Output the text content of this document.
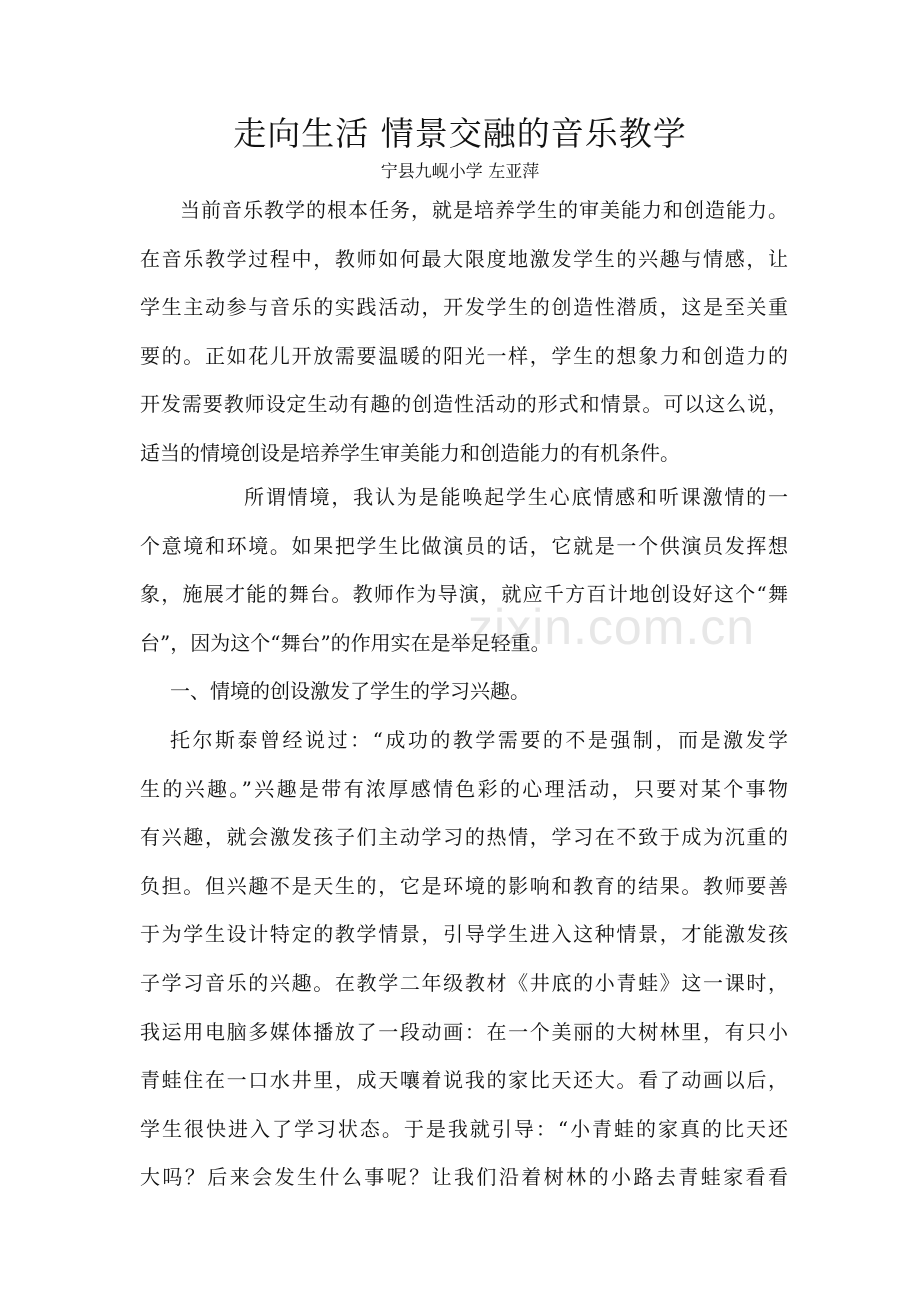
zixin.com.cn
走向生活 情景交融的音乐教学
宁县九岘小学 左亚萍
当前音乐教学的根本任务，就是培养学生的审美能力和创造能力。
在音乐教学过程中，教师如何最大限度地激发学生的兴趣与情感，让
学生主动参与音乐的实践活动，开发学生的创造性潜质，这是至关重
要的。正如花儿开放需要温暖的阳光一样，学生的想象力和创造力的
开发需要教师设定生动有趣的创造性活动的形式和情景。可以这么说，
适当的情境创设是培养学生审美能力和创造能力的有机条件。
所谓情境，我认为是能唤起学生心底情感和听课激情的一
个意境和环境。如果把学生比做演员的话，它就是一个供演员发挥想
象，施展才能的舞台。教师作为导演，就应千方百计地创设好这个“舞
台”，因为这个“舞台”的作用实在是举足轻重。
一、情境的创设激发了学生的学习兴趣。
托尔斯泰曾经说过：“成功的教学需要的不是强制，而是激发学
生的兴趣。”兴趣是带有浓厚感情色彩的心理活动，只要对某个事物
有兴趣，就会激发孩子们主动学习的热情，学习在不致于成为沉重的
负担。但兴趣不是天生的，它是环境的影响和教育的结果。教师要善
于为学生设计特定的教学情景，引导学生进入这种情景，才能激发孩
子学习音乐的兴趣。在教学二年级教材《井底的小青蛙》这一课时，
我运用电脑多媒体播放了一段动画：在一个美丽的大树林里，有只小
青蛙住在一口水井里，成天嚷着说我的家比天还大。看了动画以后，
学生很快进入了学习状态。于是我就引导：“小青蛙的家真的比天还
大吗？后来会发生什么事呢？让我们沿着树林的小路去青蛙家看看
